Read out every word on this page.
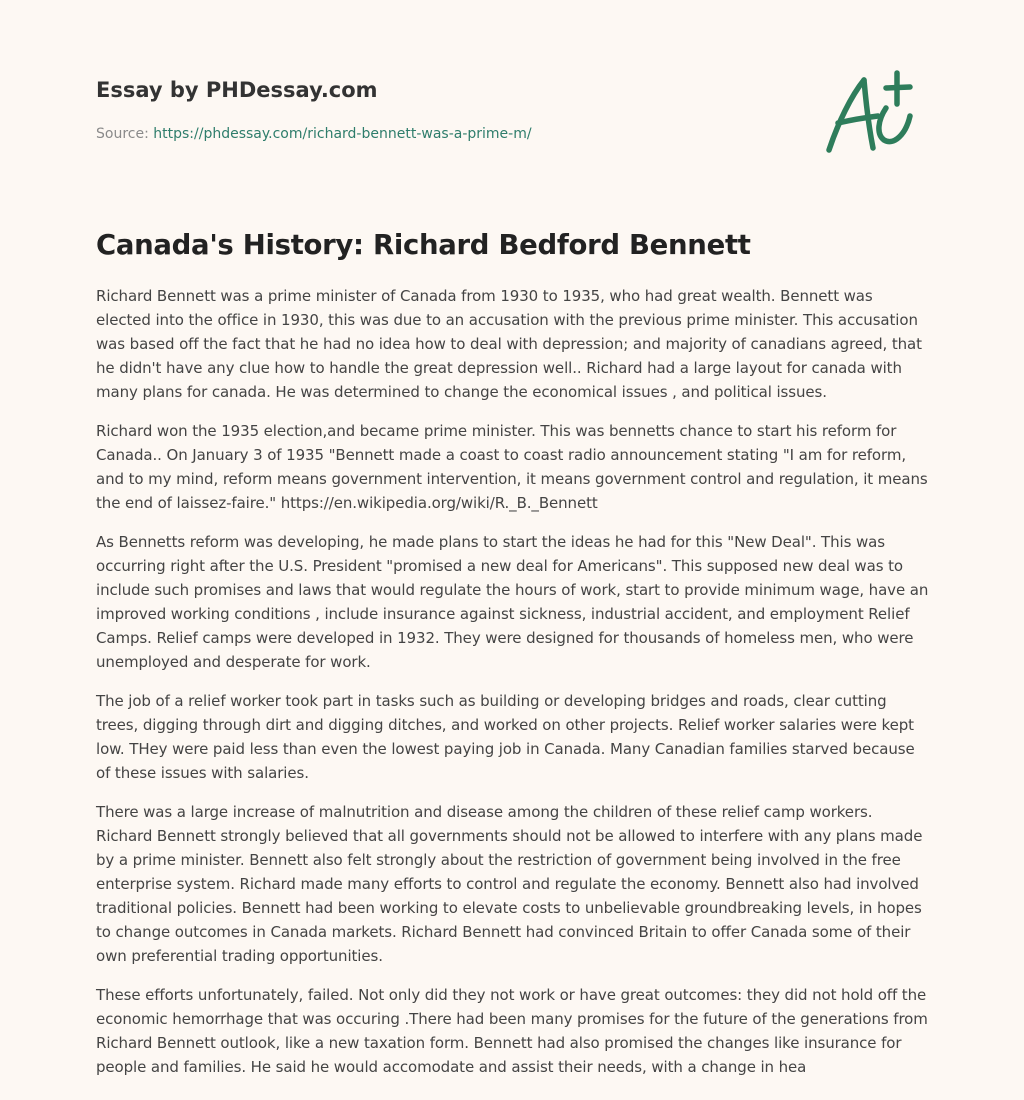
Essay by PHDessay.com
Source: https://phdessay.com/richard-bennett-was-a-prime-m/
Canada's History: Richard Bedford Bennett

Richard Bennett was a prime minister of Canada from 1930 to 1935, who had great wealth. Bennett was elected into the office in 1930, this was due to an accusation with the previous prime minister. This accusation was based off the fact that he had no idea how to deal with depression; and majority of canadians agreed, that he didn't have any clue how to handle the great depression well.. Richard had a large layout for canada with many plans for canada. He was determined to change the economical issues , and political issues.

Richard won the 1935 election,and became prime minister. This was bennetts chance to start his reform for Canada.. On January 3 of 1935 "Bennett made a coast to coast radio announcement stating "I am for reform, and to my mind, reform means government intervention, it means government control and regulation, it means the end of laissez-faire." https://en.wikipedia.org/wiki/R._B._Bennett

As Bennetts reform was developing, he made plans to start the ideas he had for this "New Deal". This was occurring right after the U.S. President "promised a new deal for Americans". This supposed new deal was to include such promises and laws that would regulate the hours of work, start to provide minimum wage, have an improved working conditions , include insurance against sickness, industrial accident, and employment Relief Camps. Relief camps were developed in 1932. They were designed for thousands of homeless men, who were unemployed and desperate for work.

The job of a relief worker took part in tasks such as building or developing bridges and roads, clear cutting trees, digging through dirt and digging ditches, and worked on other projects. Relief worker salaries were kept low. THey were paid less than even the lowest paying job in Canada. Many Canadian families starved because of these issues with salaries.

There was a large increase of malnutrition and disease among the children of these relief camp workers. Richard Bennett strongly believed that all governments should not be allowed to interfere with any plans made by a prime minister. Bennett also felt strongly about the restriction of government being involved in the free enterprise system. Richard made many efforts to control and regulate the economy. Bennett also had involved traditional policies. Bennett had been working to elevate costs to unbelievable groundbreaking levels, in hopes to change outcomes in Canada markets. Richard Bennett had convinced Britain to offer Canada some of their own preferential trading opportunities.

These efforts unfortunately, failed. Not only did they not work or have great outcomes: they did not hold off the economic hemorrhage that was occuring .There had been many promises for the future of the generations from Richard Bennett outlook, like a new taxation form. Bennett had also promised the changes like insurance for people and families. He said he would accomodate and assist their needs, with a change in hea
